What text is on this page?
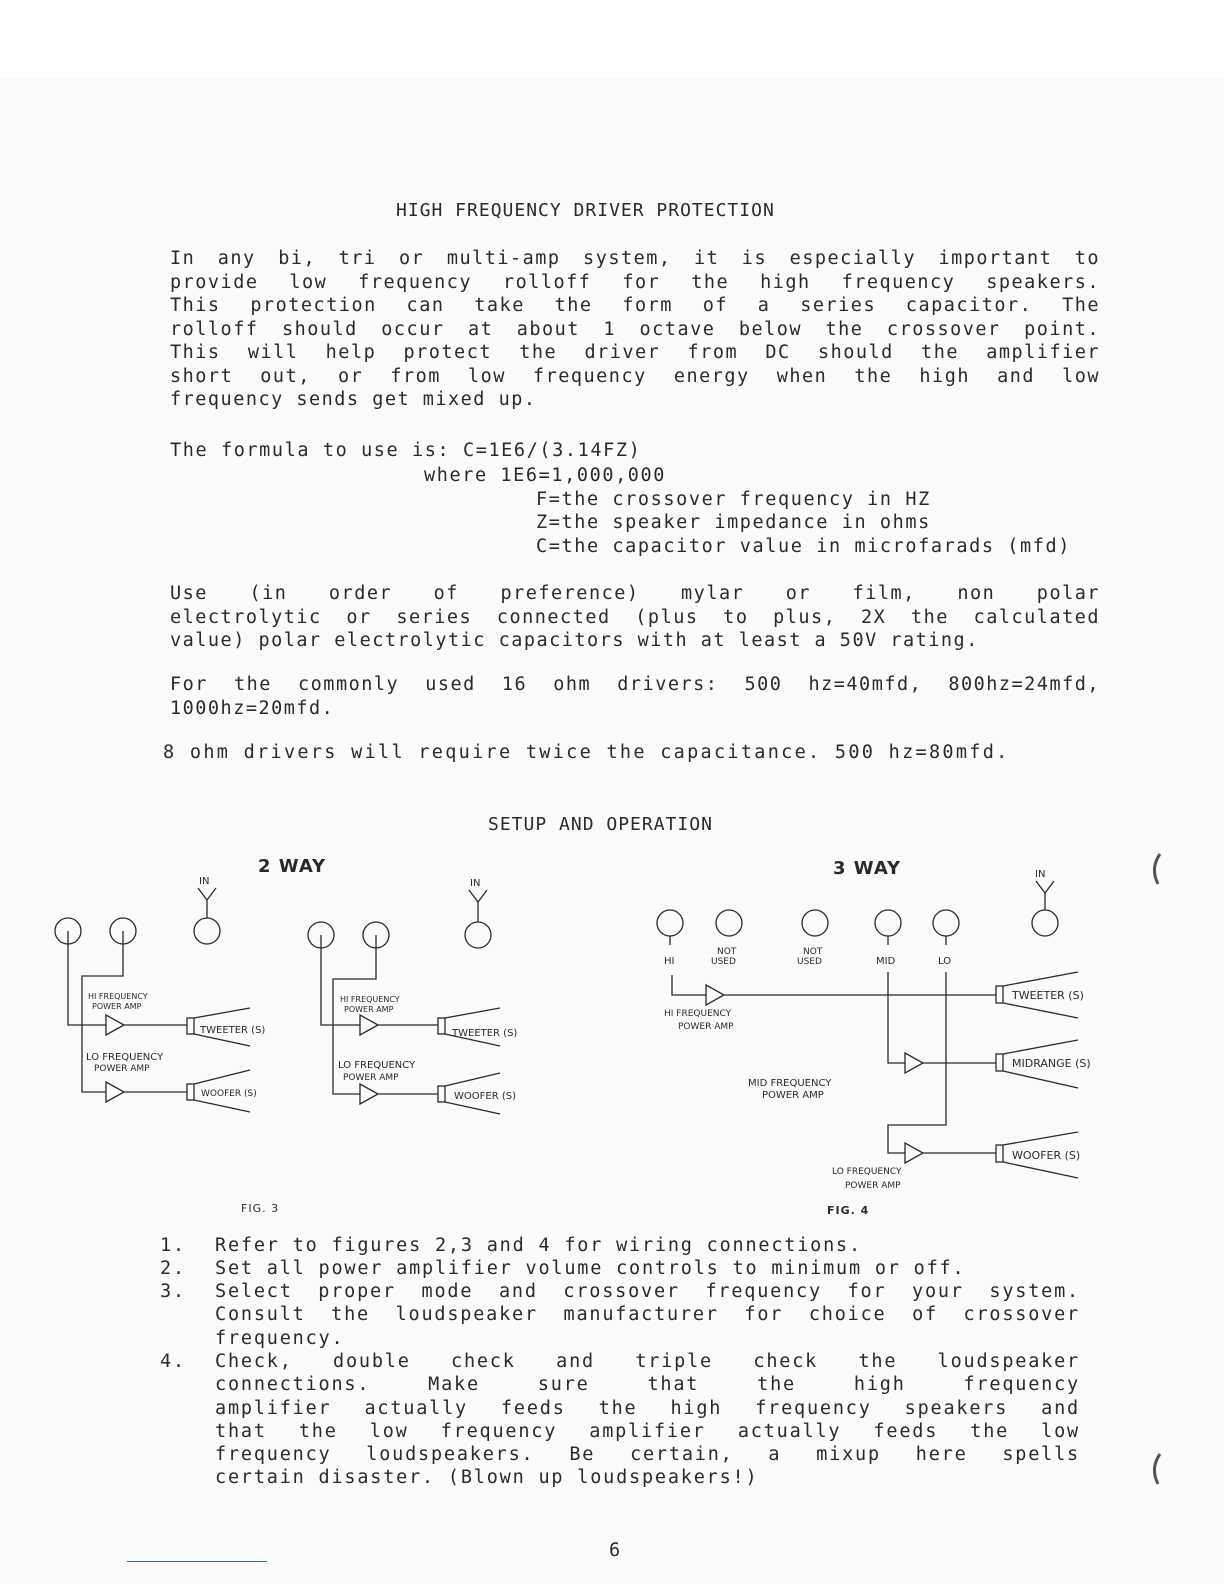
HIGH FREQUENCY DRIVER PROTECTION
In any bi, tri or multi-amp system, it is especially important to
provide low frequency rolloff for the high frequency speakers.
This protection can take the form of a series capacitor. The
rolloff should occur at about 1 octave below the crossover point.
This will help protect the driver from DC should the amplifier
short out, or from low frequency energy when the high and low
frequency sends get mixed up.
The formula to use is: C=1E6/(3.14FZ)
where 1E6=1,000,000
F=the crossover frequency in HZ
Z=the speaker impedance in ohms
C=the capacitor value in microfarads (mfd)
Use (in order of preference) mylar or film, non polar
electrolytic or series connected (plus to plus, 2X the calculated
value) polar electrolytic capacitors with at least a 50V rating.
For the commonly used 16 ohm drivers: 500 hz=40mfd, 800hz=24mfd,
1000hz=20mfd.
8 ohm drivers will require twice the capacitance. 500 hz=80mfd.
SETUP AND OPERATION
2 WAY	3 WAY
IN
HI FREQUENCY
POWER AMP
LO FREQUENCY
POWER AMP
TWEETER (S)
WOOFER (S)
IN
HI FREQUENCY
POWER AMP
LO FREQUENCY
POWER AMP
TWEETER (S)
WOOFER (S)
IN
HI
NOT
USED
NOT
USED	MID	LO
HI FREQUENCY
POWER AMP
MID FREQUENCY
POWER AMP
LO FREQUENCY
POWER AMP
TWEETER (S)
MIDRANGE (S)
WOOFER (S)
FIG. 3	FIG. 4
1. Refer to figures 2,3 and 4 for wiring connections.
2. Set all power amplifier volume controls to minimum or off.
3. Select proper mode and crossover frequency for your system.
Consult the loudspeaker manufacturer for choice of crossover
frequency.
4. Check, double check and triple check the loudspeaker
connections. Make sure that the high frequency
amplifier actually feeds the high frequency speakers and
that the low frequency amplifier actually feeds the low
frequency loudspeakers. Be certain, a mixup here spells
certain disaster. (Blown up loudspeakers!)
6
